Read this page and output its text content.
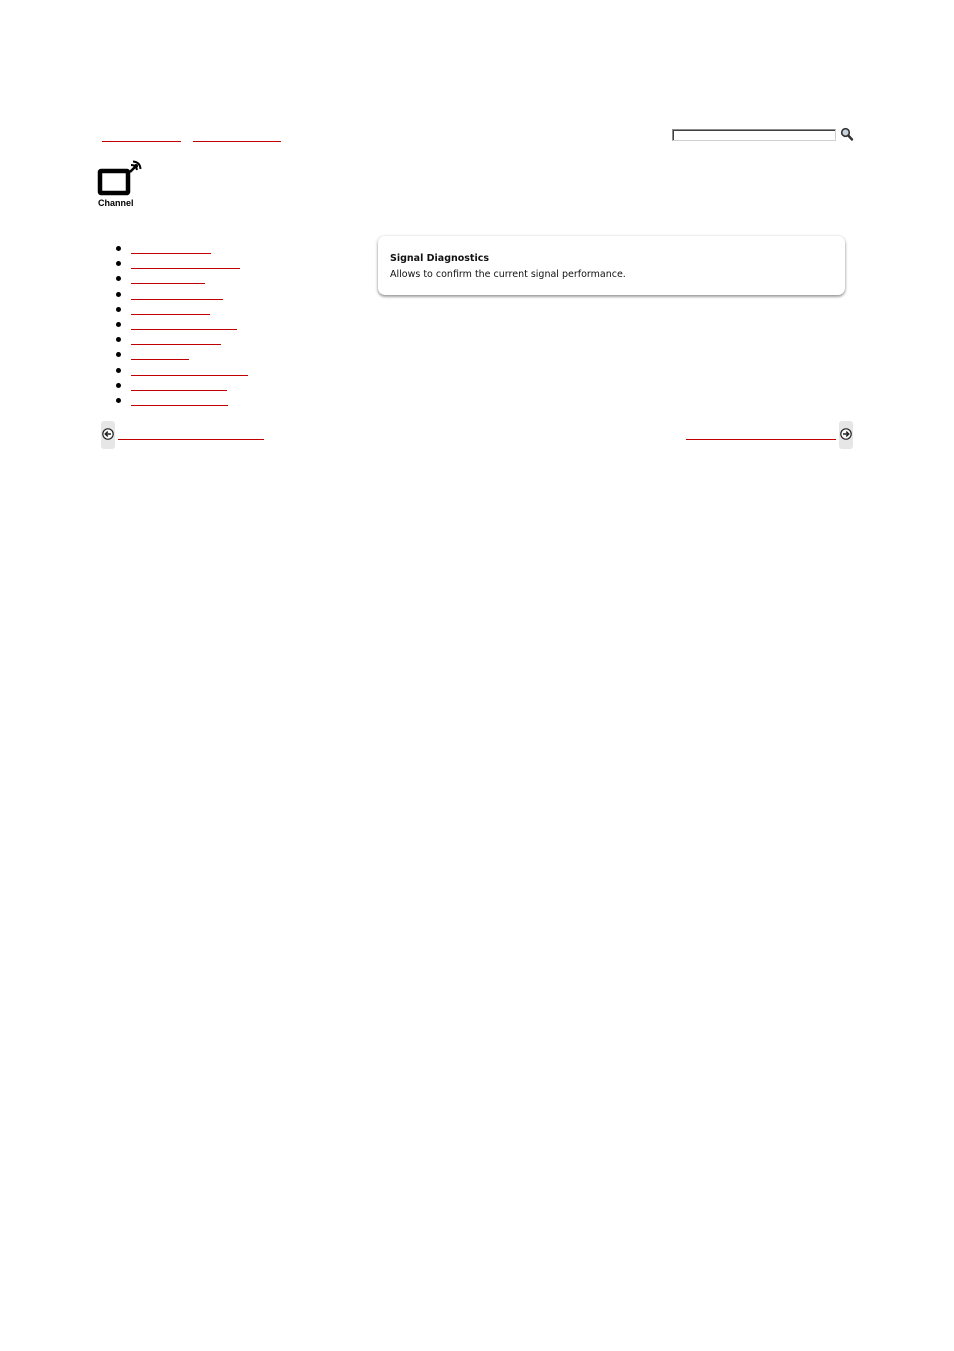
Channel
Signal Diagnostics
Allows to confirm the current signal performance.
